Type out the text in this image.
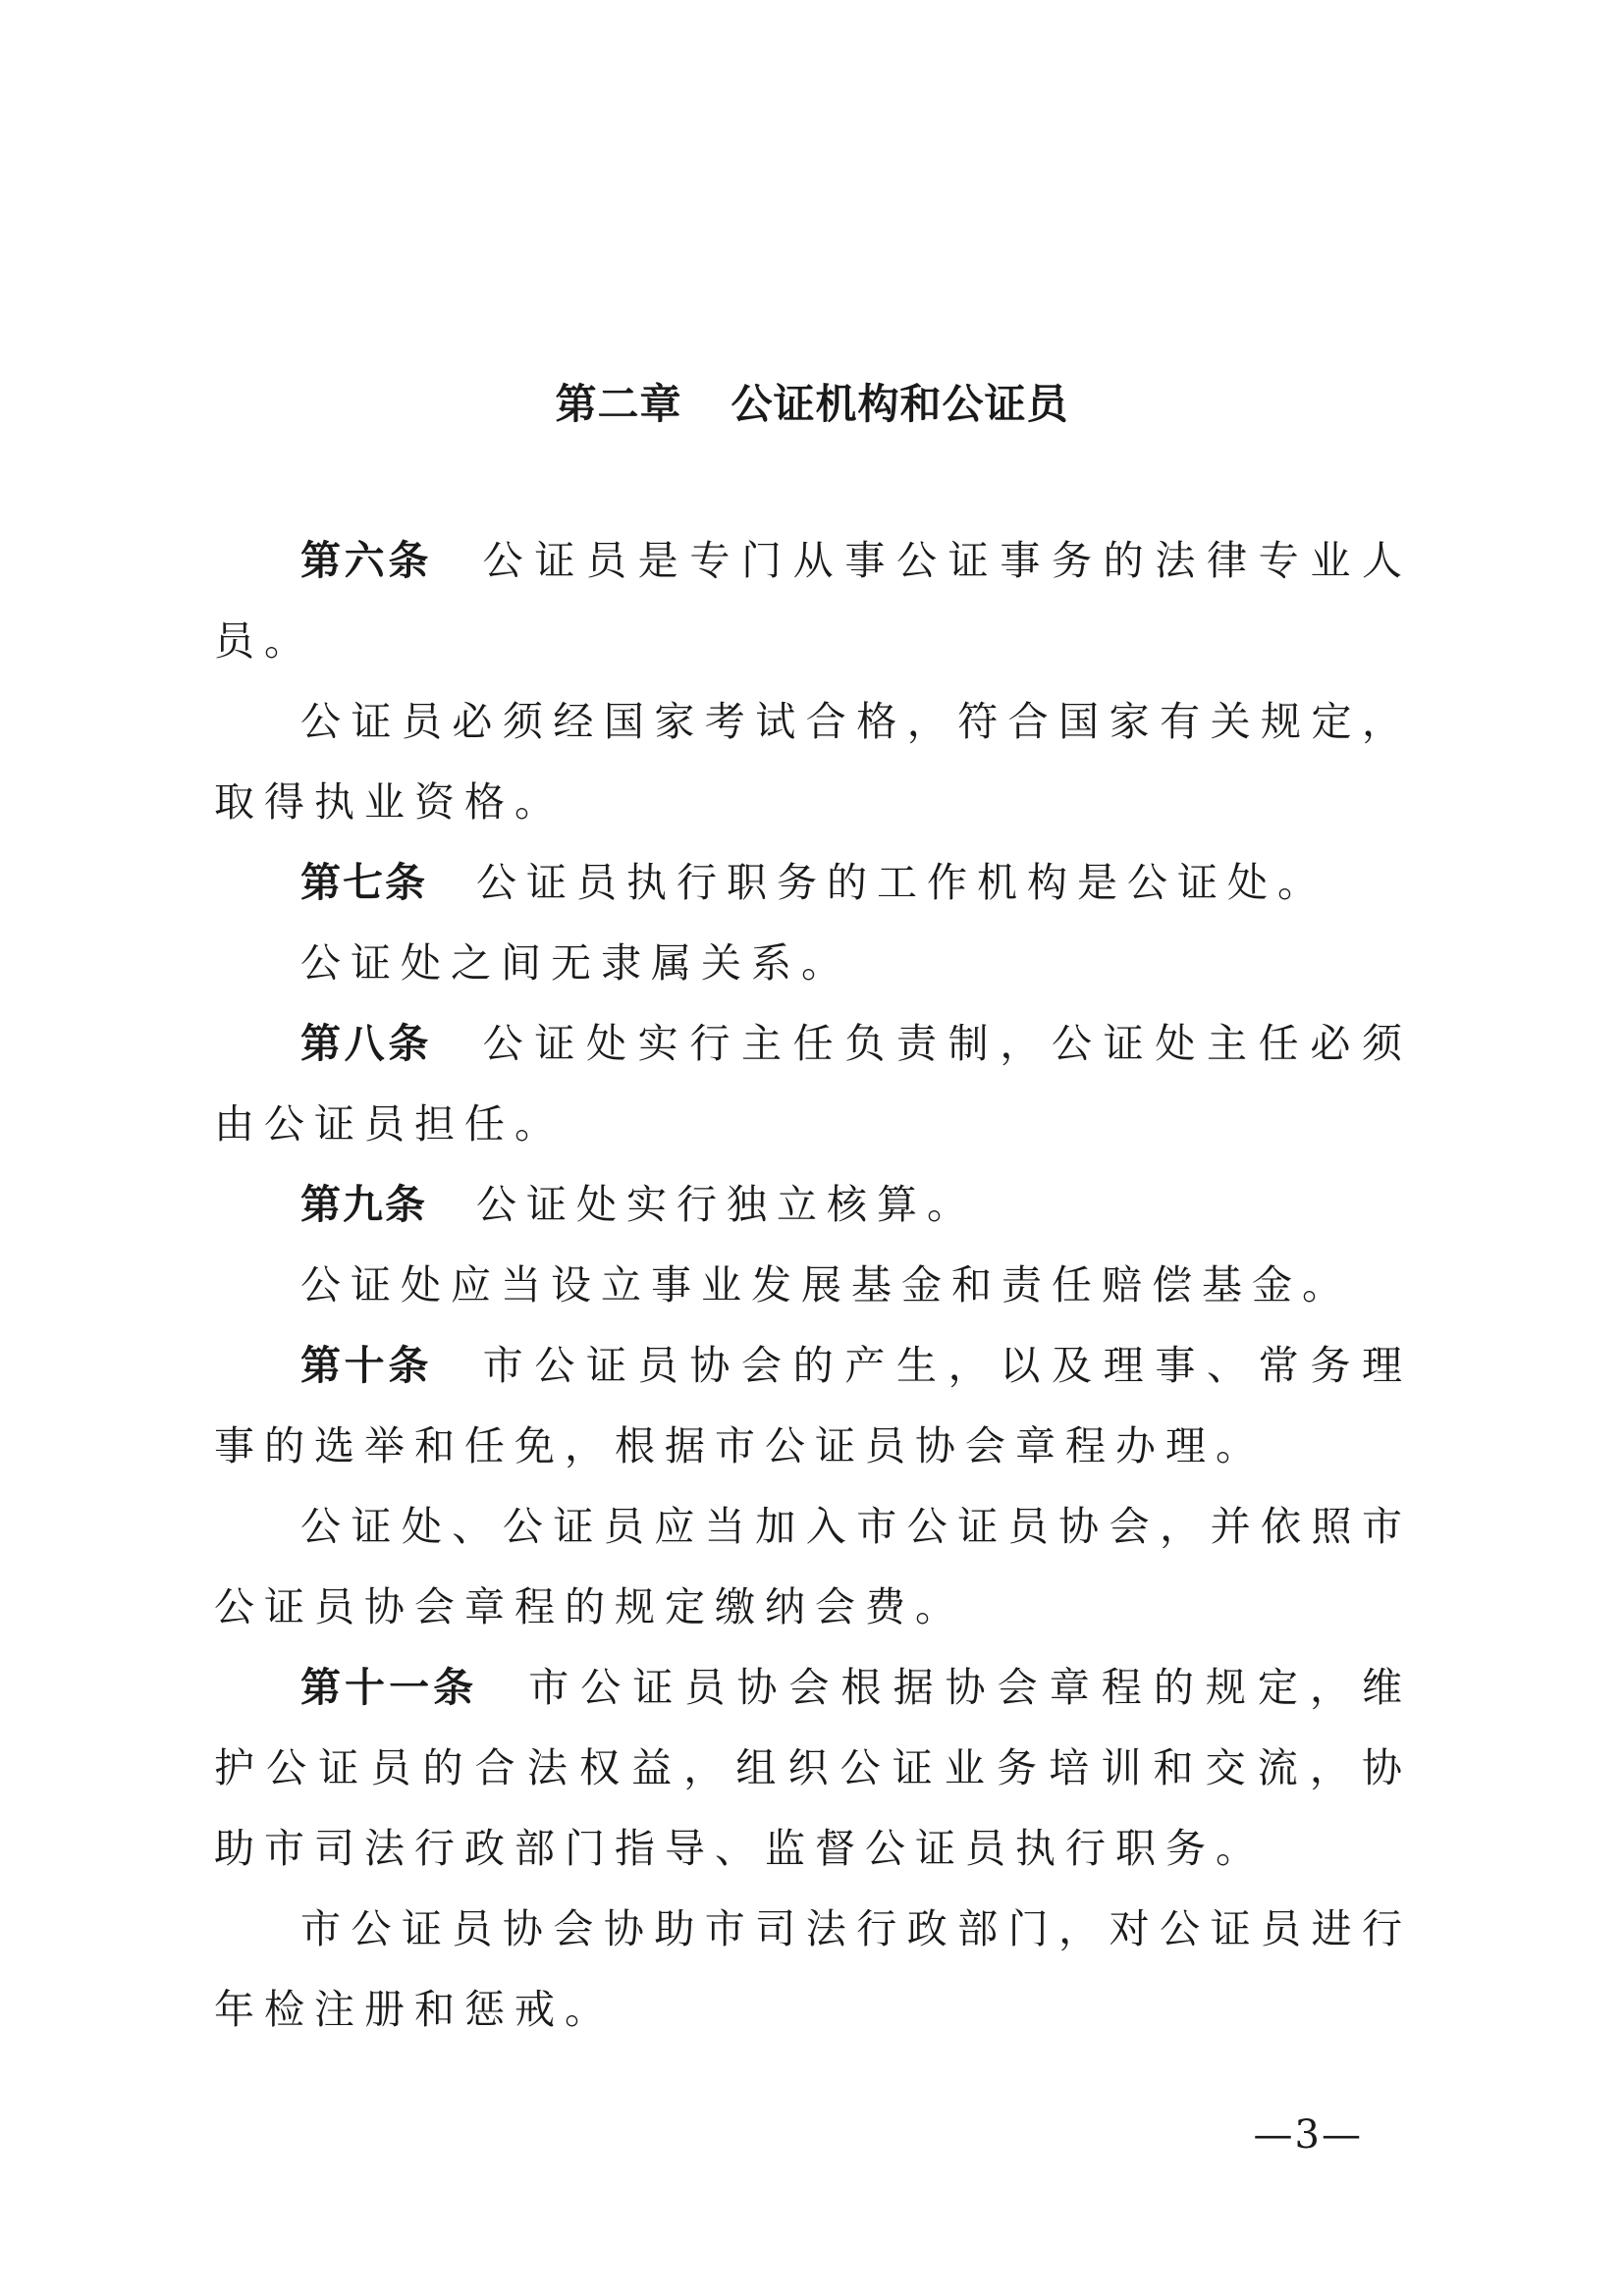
第二章 公证机构和公证员

第六条 公证员是专门从事公证事务的法律专业人员。

公证员必须经国家考试合格，符合国家有关规定，取得执业资格。

第七条 公证员执行职务的工作机构是公证处。

公证处之间无隶属关系。

第八条 公证处实行主任负责制，公证处主任必须由公证员担任。

第九条 公证处实行独立核算。

公证处应当设立事业发展基金和责任赔偿基金。

第十条 市公证员协会的产生，以及理事、常务理事的选举和任免，根据市公证员协会章程办理。

公证处、公证员应当加入市公证员协会，并依照市公证员协会章程的规定缴纳会费。

第十一条 市公证员协会根据协会章程的规定，维护公证员的合法权益，组织公证业务培训和交流，协助市司法行政部门指导、监督公证员执行职务。

市公证员协会协助市司法行政部门，对公证员进行年检注册和惩戒。

—3—
